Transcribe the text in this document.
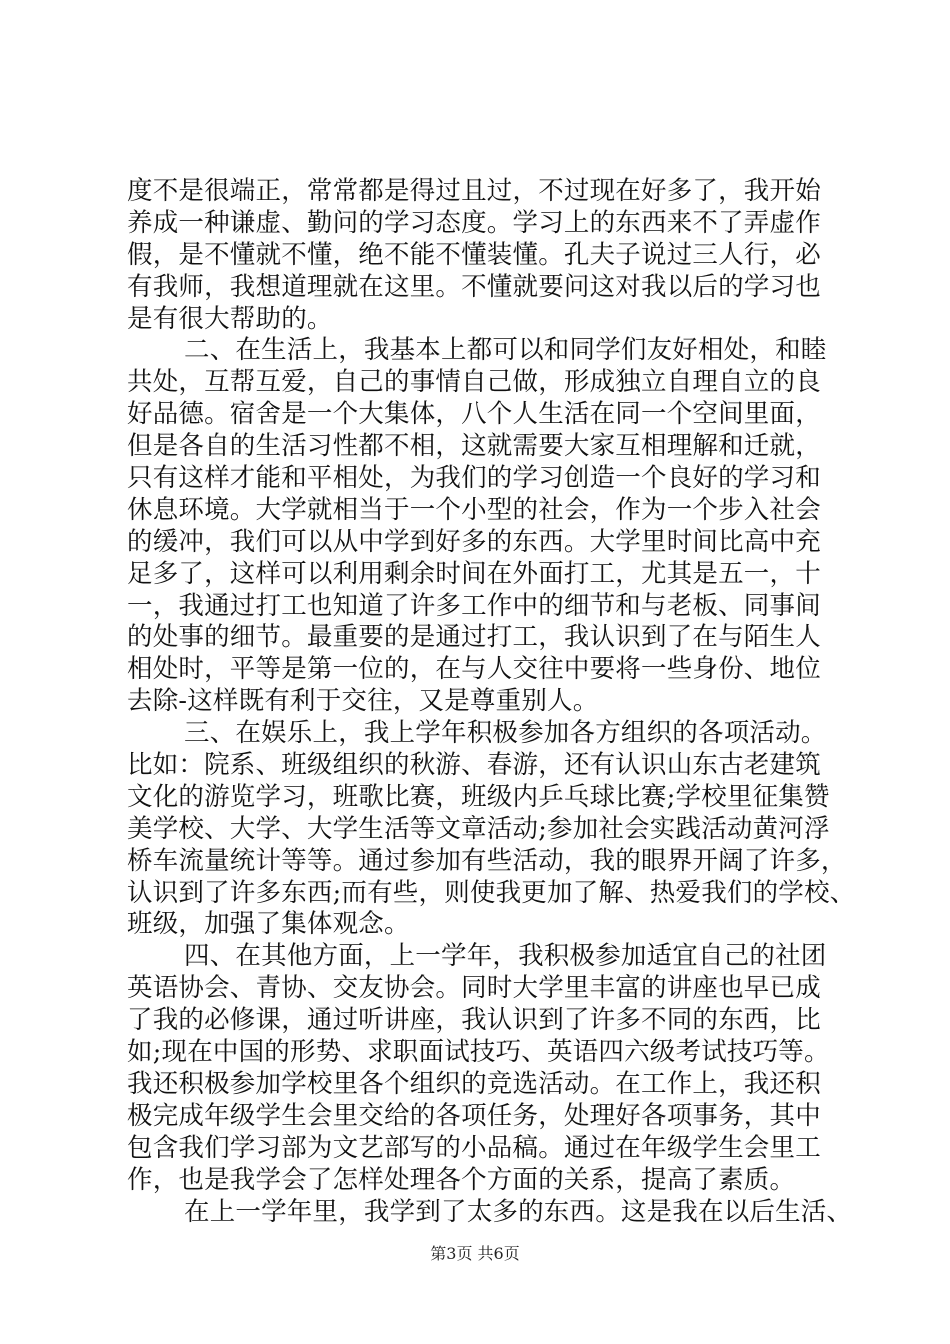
度不是很端正，常常都是得过且过，不过现在好多了，我开始
养成一种谦虚、勤问的学习态度。学习上的东西来不了弄虚作
假，是不懂就不懂，绝不能不懂装懂。孔夫子说过三人行，必
有我师，我想道理就在这里。不懂就要问这对我以后的学习也
是有很大帮助的。
二、在生活上，我基本上都可以和同学们友好相处，和睦
共处，互帮互爱，自己的事情自己做，形成独立自理自立的良
好品德。宿舍是一个大集体，八个人生活在同一个空间里面，
但是各自的生活习性都不相，这就需要大家互相理解和迁就，
只有这样才能和平相处，为我们的学习创造一个良好的学习和
休息环境。大学就相当于一个小型的社会，作为一个步入社会
的缓冲，我们可以从中学到好多的东西。大学里时间比高中充
足多了，这样可以利用剩余时间在外面打工，尤其是五一，十
一，我通过打工也知道了许多工作中的细节和与老板、同事间
的处事的细节。最重要的是通过打工，我认识到了在与陌生人
相处时，平等是第一位的，在与人交往中要将一些身份、地位
去除-这样既有利于交往，又是尊重别人。
三、在娱乐上，我上学年积极参加各方组织的各项活动。
比如：院系、班级组织的秋游、春游，还有认识山东古老建筑
文化的游览学习，班歌比赛，班级内乒乓球比赛;学校里征集赞
美学校、大学、大学生活等文章活动;参加社会实践活动黄河浮
桥车流量统计等等。通过参加有些活动，我的眼界开阔了许多，
认识到了许多东西;而有些，则使我更加了解、热爱我们的学校、
班级，加强了集体观念。
四、在其他方面，上一学年，我积极参加适宜自己的社团
英语协会、青协、交友协会。同时大学里丰富的讲座也早已成
了我的必修课，通过听讲座，我认识到了许多不同的东西，比
如;现在中国的形势、求职面试技巧、英语四六级考试技巧等。
我还积极参加学校里各个组织的竞选活动。在工作上，我还积
极完成年级学生会里交给的各项任务，处理好各项事务，其中
包含我们学习部为文艺部写的小品稿。通过在年级学生会里工
作，也是我学会了怎样处理各个方面的关系，提高了素质。
在上一学年里，我学到了太多的东西。这是我在以后生活、
第3页 共6页
